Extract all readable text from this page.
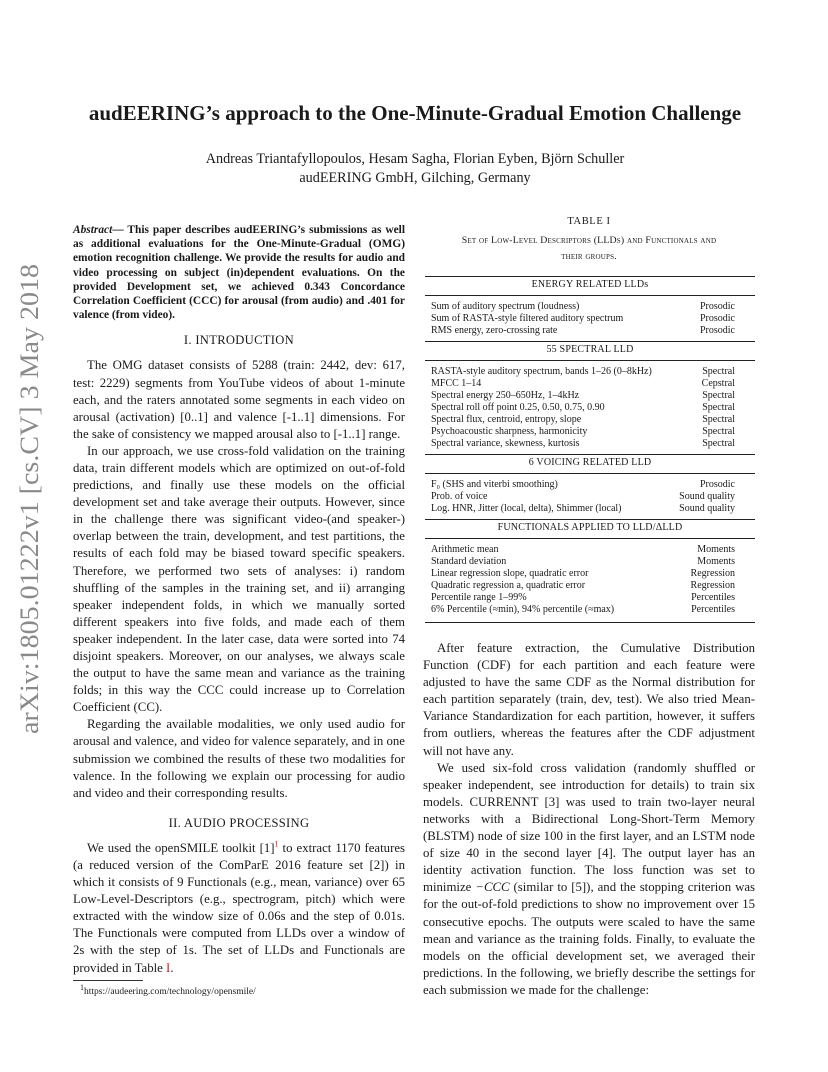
arXiv:1805.01222v1 [cs.CV] 3 May 2018
audEERING’s approach to the One-Minute-Gradual Emotion Challenge
Andreas Triantafyllopoulos, Hesam Sagha, Florian Eyben, Björn Schuller
audEERING GmbH, Gilching, Germany

Abstract— This paper describes audEERING’s submissions as well as additional evaluations for the One-Minute-Gradual (OMG) emotion recognition challenge. We provide the results for audio and video processing on subject (in)dependent evaluations. On the provided Development set, we achieved 0.343 Concordance Correlation Coefficient (CCC) for arousal (from audio) and .401 for valence (from video).

I. INTRODUCTION

The OMG dataset consists of 5288 (train: 2442, dev: 617, test: 2229) segments from YouTube videos of about 1-minute each, and the raters annotated some segments in each video on arousal (activation) [0..1] and valence [-1..1] dimensions. For the sake of consistency we mapped arousal also to [-1..1] range.

In our approach, we use cross-fold validation on the training data, train different models which are optimized on out-of-fold predictions, and finally use these models on the official development set and take average their outputs. However, since in the challenge there was significant video-(and speaker-) overlap between the train, development, and test partitions, the results of each fold may be biased toward specific speakers. Therefore, we performed two sets of analyses: i) random shuffling of the samples in the training set, and ii) arranging speaker independent folds, in which we manually sorted different speakers into five folds, and made each of them speaker independent. In the later case, data were sorted into 74 disjoint speakers. Moreover, on our analyses, we always scale the output to have the same mean and variance as the training folds; in this way the CCC could increase up to Correlation Coefficient (CC).

Regarding the available modalities, we only used audio for arousal and valence, and video for valence separately, and in one submission we combined the results of these two modalities for valence. In the following we explain our processing for audio and video and their corresponding results.

II. AUDIO PROCESSING

We used the openSMILE toolkit [1]$^1$ to extract 1170 features (a reduced version of the ComParE 2016 feature set [2]) in which it consists of 9 Functionals (e.g., mean, variance) over 65 Low-Level-Descriptors (e.g., spectrogram, pitch) which were extracted with the window size of 0.06s and the step of 0.01s. The Functionals were computed from LLDs over a window of 2s with the step of 1s. The set of LLDs and Functionals are provided in Table I.

$^1$https://audeering.com/technology/opensmile/
TABLE I
Set of Low-Level Descriptors (LLDs) and Functionals and
their groups.
ENERGY RELATED LLDs	
Sum of auditory spectrum (loudness)	Prosodic
Sum of RASTA-style filtered auditory spectrum	Prosodic
RMS energy, zero-crossing rate	Prosodic
55 SPECTRAL LLD	
RASTA-style auditory spectrum, bands 1–26 (0–8kHz)	Spectral
MFCC 1–14	Cepstral
Spectral energy 250–650Hz, 1–4kHz	Spectral
Spectral roll off point 0.25, 0.50, 0.75, 0.90	Spectral
Spectral flux, centroid, entropy, slope	Spectral
Psychoacoustic sharpness, harmonicity	Spectral
Spectral variance, skewness, kurtosis	Spectral
6 VOICING RELATED LLD	
F₀ (SHS and viterbi smoothing)	Prosodic
Prob. of voice	Sound quality
Log. HNR, Jitter (local, delta), Shimmer (local)	Sound quality
FUNCTIONALS APPLIED TO LLD/ΔLLD	
Arithmetic mean	Moments
Standard deviation	Moments
Linear regression slope, quadratic error	Regression
Quadratic regression a, quadratic error	Regression
Percentile range 1–99%	Percentiles
6% Percentile (≈min), 94% percentile (≈max)	Percentiles

After feature extraction, the Cumulative Distribution Function (CDF) for each partition and each feature were adjusted to have the same CDF as the Normal distribution for each partition separately (train, dev, test). We also tried Mean-Variance Standardization for each partition, however, it suffers from outliers, whereas the features after the CDF adjustment will not have any.

We used six-fold cross validation (randomly shuffled or speaker independent, see introduction for details) to train six models. CURRENNT [3] was used to train two-layer neural networks with a Bidirectional Long-Short-Term Memory (BLSTM) node of size 100 in the first layer, and an LSTM node of size 40 in the second layer [4]. The output layer has an identity activation function. The loss function was set to minimize −CCC (similar to [5]), and the stopping criterion was for the out-of-fold predictions to show no improvement over 15 consecutive epochs. The outputs were scaled to have the same mean and variance as the training folds. Finally, to evaluate the models on the official development set, we averaged their predictions. In the following, we briefly describe the settings for each submission we made for the challenge:
